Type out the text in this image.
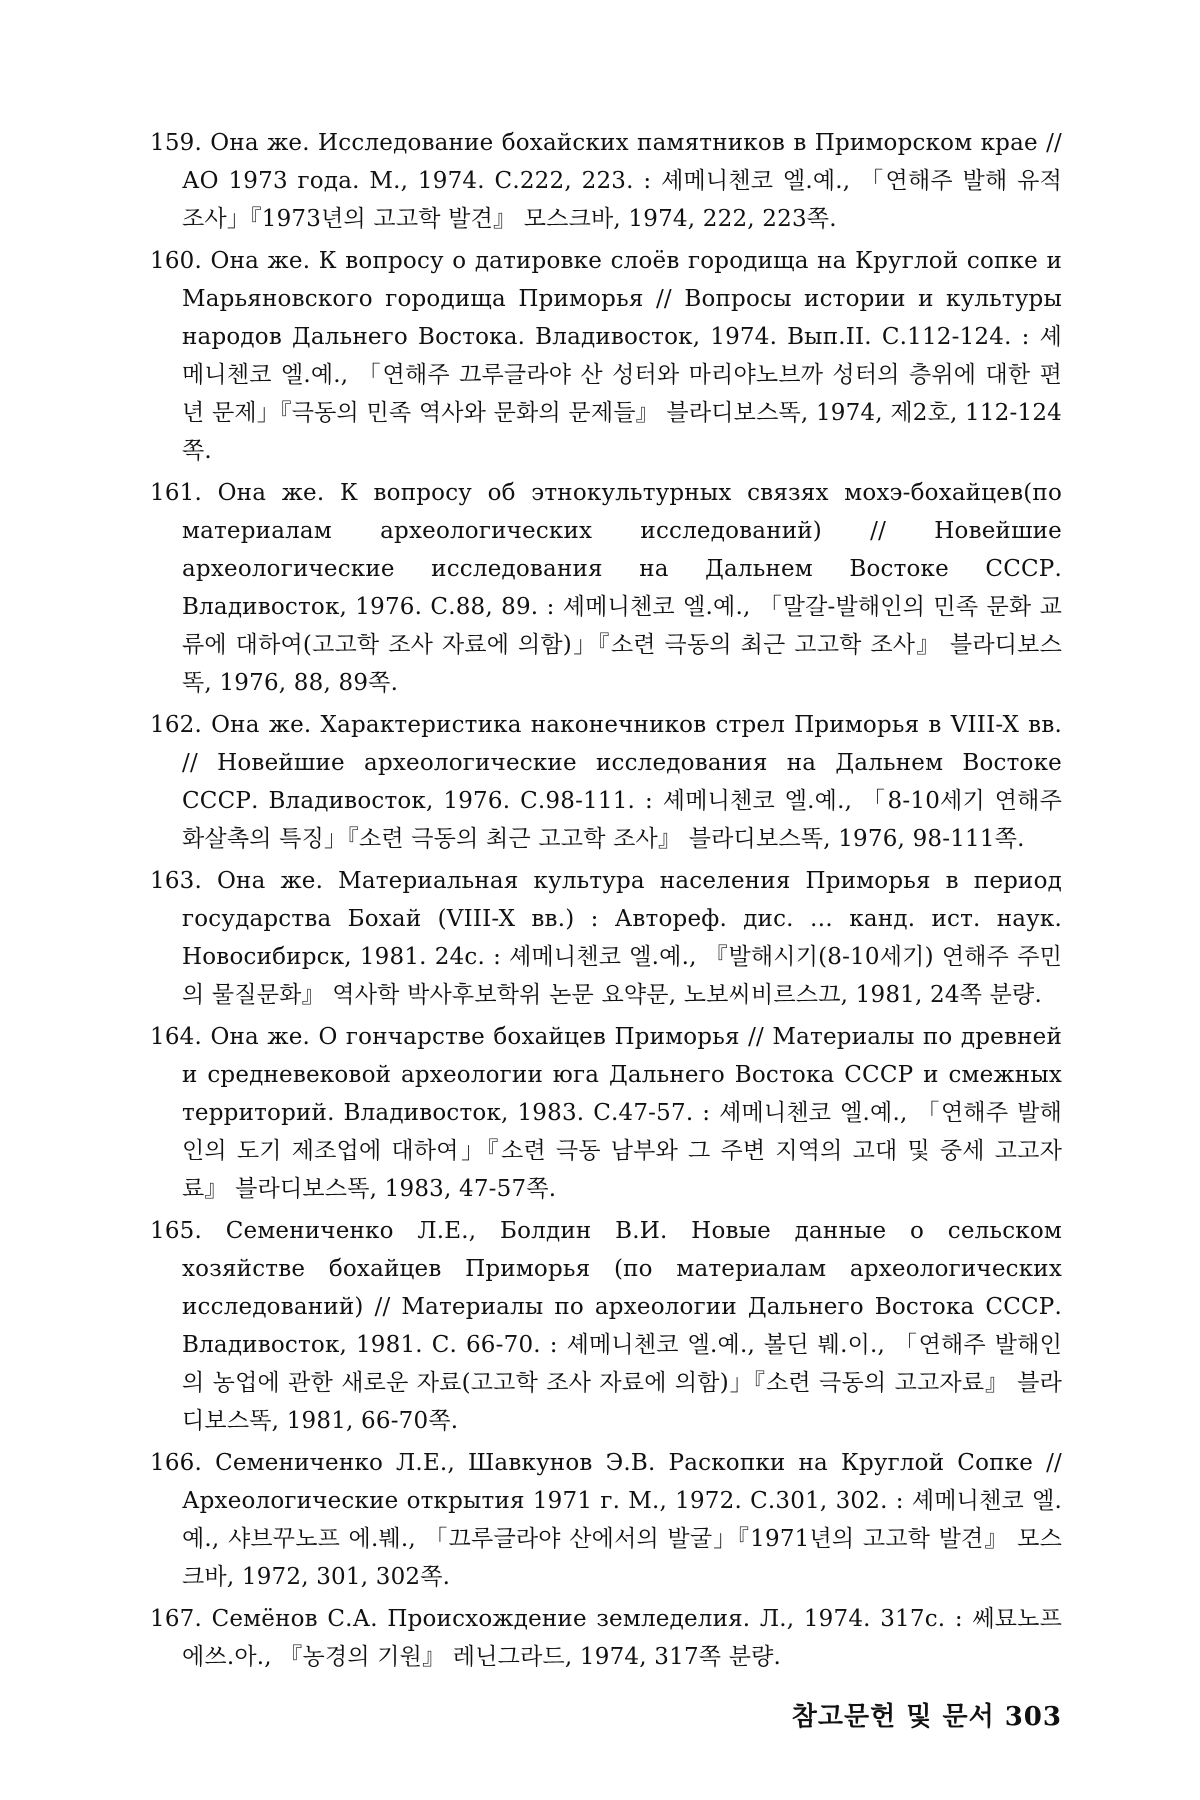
159. Она же. Исследование бохайских памятников в Приморском крае // АО 1973 года. М., 1974. С.222, 223. : 셰메니첸코 엘.예., 「연해주 발해 유적 조사」『1973년의 고고학 발견』 모스크바, 1974, 222, 223쪽.

160. Она же. К вопросу о датировке слоёв городища на Круглой сопке и Марьяновского городища Приморья // Вопросы истории и культуры народов Дальнего Востока. Владивосток, 1974. Вып.II. С.112-124. : 셰메니첸코 엘.예., 「연해주 끄루글라야 산 성터와 마리야노브까 성터의 층위에 대한 편년 문제」『극동의 민족 역사와 문화의 문제들』 블라디보스똑, 1974, 제2호, 112-124쪽.

161. Она же. К вопросу об этнокультурных связях мохэ-бохайцев(по материалам археологических исследований) // Новейшие археологические исследования на Дальнем Востоке СССР. Владивосток, 1976. С.88, 89. : 셰메니첸코 엘.예., 「말갈-발해인의 민족 문화 교류에 대하여(고고학 조사 자료에 의함)」『소련 극동의 최근 고고학 조사』 블라디보스똑, 1976, 88, 89쪽.

162. Она же. Характеристика наконечников стрел Приморья в VIII-X вв. // Новейшие археологические исследования на Дальнем Востоке СССР. Владивосток, 1976. С.98-111. : 셰메니첸코 엘.예., 「8-10세기 연해주 화살촉의 특징」『소련 극동의 최근 고고학 조사』 블라디보스똑, 1976, 98-111쪽.

163. Она же. Материальная культура населения Приморья в период государства Бохай (VIII-X вв.) : Автореф. дис. … канд. ист. наук. Новосибирск, 1981. 24с. : 셰메니첸코 엘.예., 『발해시기(8-10세기) 연해주 주민의 물질문화』 역사학 박사후보학위 논문 요약문, 노보씨비르스끄, 1981, 24쪽 분량.

164. Она же. О гончарстве бохайцев Приморья // Материалы по древней и средневековой археологии юга Дальнего Востока СССР и смежных территорий. Владивосток, 1983. С.47-57. : 셰메니첸코 엘.예., 「연해주 발해인의 도기 제조업에 대하여」『소련 극동 남부와 그 주변 지역의 고대 및 중세 고고자료』 블라디보스똑, 1983, 47-57쪽.

165. Семениченко Л.Е., Болдин В.И. Новые данные о сельском хозяйстве бохайцев Приморья (по материалам археологических исследований) // Материалы по археологии Дальнего Востока СССР. Владивосток, 1981. С. 66-70. : 셰메니첸코 엘.예., 볼딘 붸.이., 「연해주 발해인의 농업에 관한 새로운 자료(고고학 조사 자료에 의함)」『소련 극동의 고고자료』 블라디보스똑, 1981, 66-70쪽.

166. Семениченко Л.Е., Шавкунов Э.В. Раскопки на Круглой Сопке // Археологические открытия 1971 г. М., 1972. С.301, 302. : 셰메니첸코 엘.예., 샤브꾸노프 에.붸., 「끄루글라야 산에서의 발굴」『1971년의 고고학 발견』 모스크바, 1972, 301, 302쪽.

167. Семёнов С.А. Происхождение земледелия. Л., 1974. 317с. : 쎄묘노프 에쓰.아., 『농경의 기원』 레닌그라드, 1974, 317쪽 분량.

참고문헌 및 문서 303
